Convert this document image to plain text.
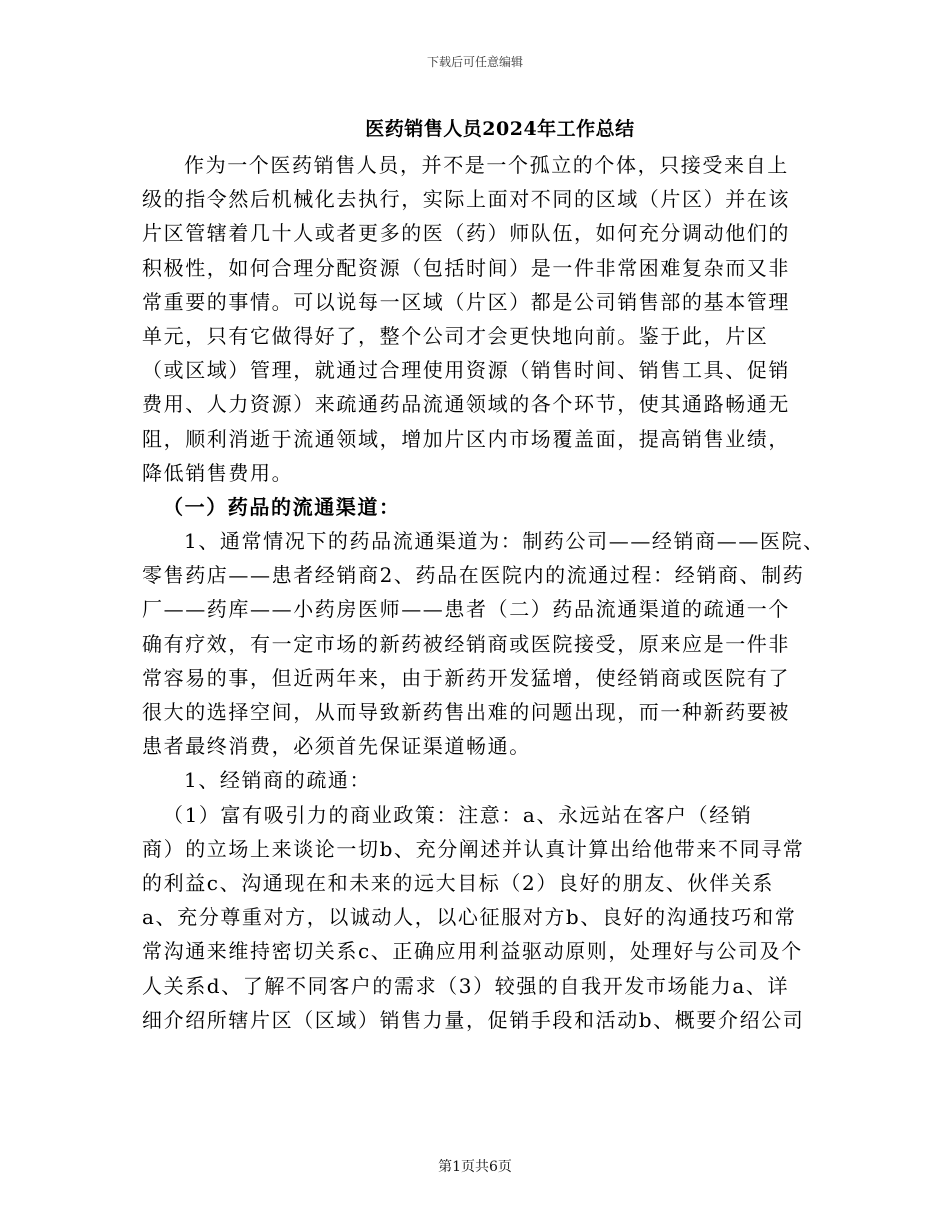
下载后可任意编辑
医药销售人员2024年工作总结
作为一个医药销售人员，并不是一个孤立的个体，只接受来自上
级的指令然后机械化去执行，实际上面对不同的区域（片区）并在该
片区管辖着几十人或者更多的医（药）师队伍，如何充分调动他们的
积极性，如何合理分配资源（包括时间）是一件非常困难复杂而又非
常重要的事情。可以说每一区域（片区）都是公司销售部的基本管理
单元，只有它做得好了，整个公司才会更快地向前。鉴于此，片区
（或区域）管理，就通过合理使用资源（销售时间、销售工具、促销
费用、人力资源）来疏通药品流通领域的各个环节，使其通路畅通无
阻，顺利消逝于流通领域，增加片区内市场覆盖面，提高销售业绩，
降低销售费用。
（一）药品的流通渠道：
1、通常情况下的药品流通渠道为：制药公司——经销商——医院、
零售药店——患者经销商2、药品在医院内的流通过程：经销商、制药
厂——药库——小药房医师——患者（二）药品流通渠道的疏通一个
确有疗效，有一定市场的新药被经销商或医院接受，原来应是一件非
常容易的事，但近两年来，由于新药开发猛增，使经销商或医院有了
很大的选择空间，从而导致新药售出难的问题出现，而一种新药要被
患者最终消费，必须首先保证渠道畅通。
1、经销商的疏通：
（1）富有吸引力的商业政策：注意：a、永远站在客户（经销
商）的立场上来谈论一切b、充分阐述并认真计算出给他带来不同寻常
的利益c、沟通现在和未来的远大目标（2）良好的朋友、伙伴关系
a、充分尊重对方，以诚动人，以心征服对方b、良好的沟通技巧和常
常沟通来维持密切关系c、正确应用利益驱动原则，处理好与公司及个
人关系d、了解不同客户的需求（3）较强的自我开发市场能力a、详
细介绍所辖片区（区域）销售力量，促销手段和活动b、概要介绍公司
第1页共6页
